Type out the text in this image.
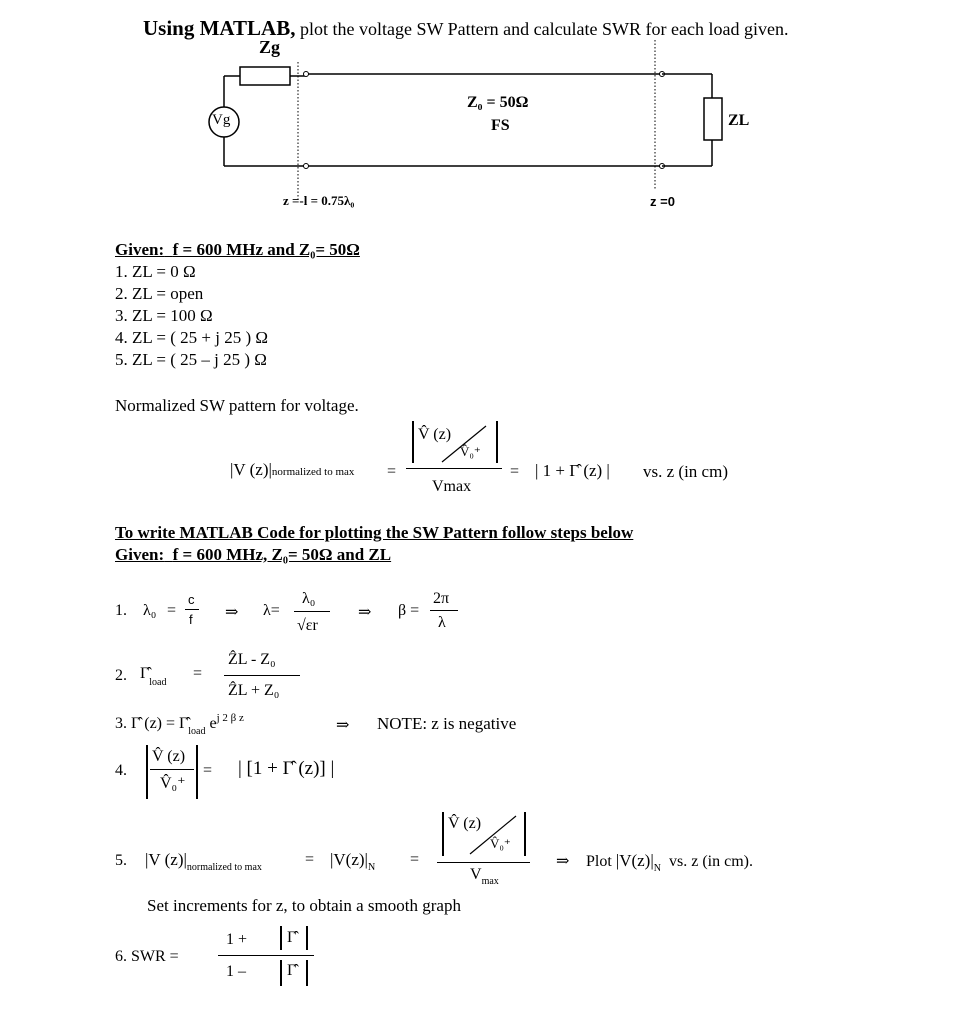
Using MATLAB, plot the voltage SW Pattern and calculate SWR for each load given.
Zg
Vg
Z₀ = 50Ω
FS	ZL
z =-l = 0.75λ₀	z =0
Given: f = 600 MHz and Z₀= 50Ω
1. ZL = 0 Ω
2. ZL = open
3. ZL = 100 Ω
4. ZL = ( 25 + j 25 ) Ω
5. ZL = ( 25 – j 25 ) Ω
Normalized SW pattern for voltage.
|V (z)|normalized to max =
V̂ (z)
V̂₀⁺
Vmax
= | 1 + Γ̂ (z) | vs. z (in cm)
To write MATLAB Code for plotting the SW Pattern follow steps below
Given: f = 600 MHz, Z₀= 50Ω and ZL
1. λ₀ =
c
f ⇒ λ=
λ₀
√εr
⇒ β =
2π
λ
2. $\Gammâ_{load}$
=
ẐL - Z₀
ẐL + Z₀
3. Γ̂ $(z) = \Gammâ_{load}$ $e^{j 2 \beta z}$	⇒ NOTE: z is negative
4.
V̂ (z)
V̂₀⁺
= | [1 + Γ̂ (z)] |
5. |V $(z)|_{normalized to max}$	= $|V(z)|_N$ =
V̂ (z)
V̂₀⁺
$V_{max}$
⇒ Plot $|V(z)|_N$ vs. z (in cm).
Set increments for z, to obtain a smooth graph
6. SWR =
1 + Γ̂
1 –	Γ̂
